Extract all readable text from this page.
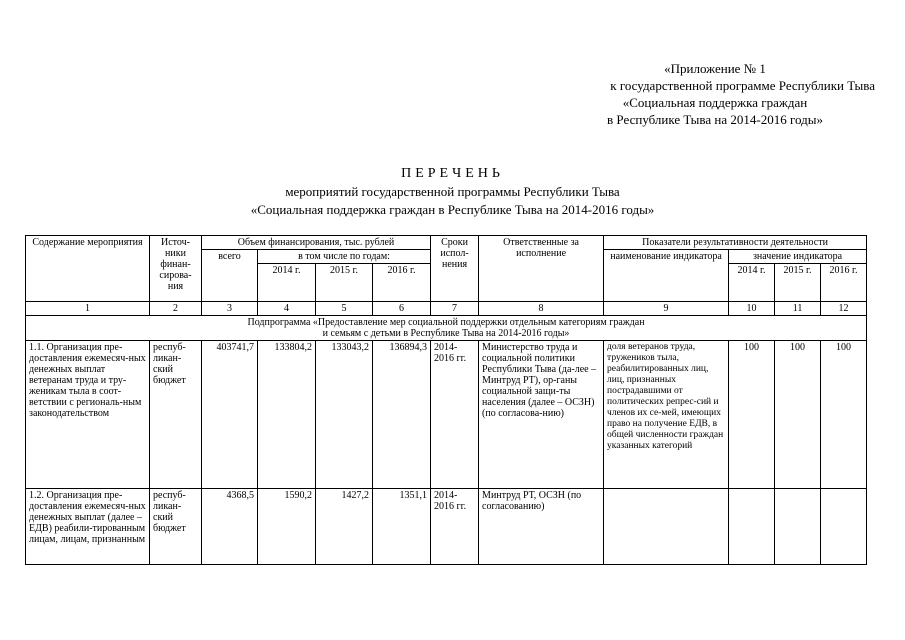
«Приложение № 1
к государственной программе Республики Тыва
«Социальная поддержка граждан
в Республике Тыва на 2014-2016 годы»
ПЕРЕЧЕНЬ
мероприятий государственной программы Республики Тыва
«Социальная поддержка граждан в Республике Тыва на 2014-2016 годы»
Содержание мероприятия	Источ-ники финан-сирова-ния	Объем финансирования, тыс. рублей				Сроки испол-нения	Ответственные за исполнение	Показатели результативности деятельности			
		всего	в том числе по годам:					наименование индикатора	значение индикатора		
			2014 г.	2015 г.	2016 г.				2014 г.	2015 г.	2016 г.
1	2	3	4	5	6	7	8	9	10	11	12

Подпрограмма «Предоставление мер социальной поддержки отдельным категориям граждан и семьям с детьми в Республике Тыва на 2014-2016 годы»											

1.1. Организация пре-доставления ежемесяч-ных денежных выплат ветеранам труда и тру-женикам тыла в соот-ветствии с региональ-ным законодательством	респуб-ликан-ский бюджет	403741,7	133804,2	133043,2	136894,3	2014-2016 гг.	Министерство труда и социальной политики Республики Тыва (да-лее – Минтруд РТ), ор-ганы социальной защи-ты населения (далее – ОСЗН) (по согласова-нию)	доля ветеранов труда, тружеников тыла, реабилитированных лиц, лиц, признанных пострадавшими от политических репрес-сий и членов их се-мей, имеющих право на получение ЕДВ, в общей численности граждан указанных категорий	100	100	100
1.2. Организация пре-доставления ежемесяч-ных денежных выплат (далее – ЕДВ) реабили-тированным лицам, лицам, признанным	респуб-ликан-ский бюджет	4368,5	1590,2	1427,2	1351,1	2014-2016 гг.	Минтруд РТ, ОСЗН (по согласованию)				
